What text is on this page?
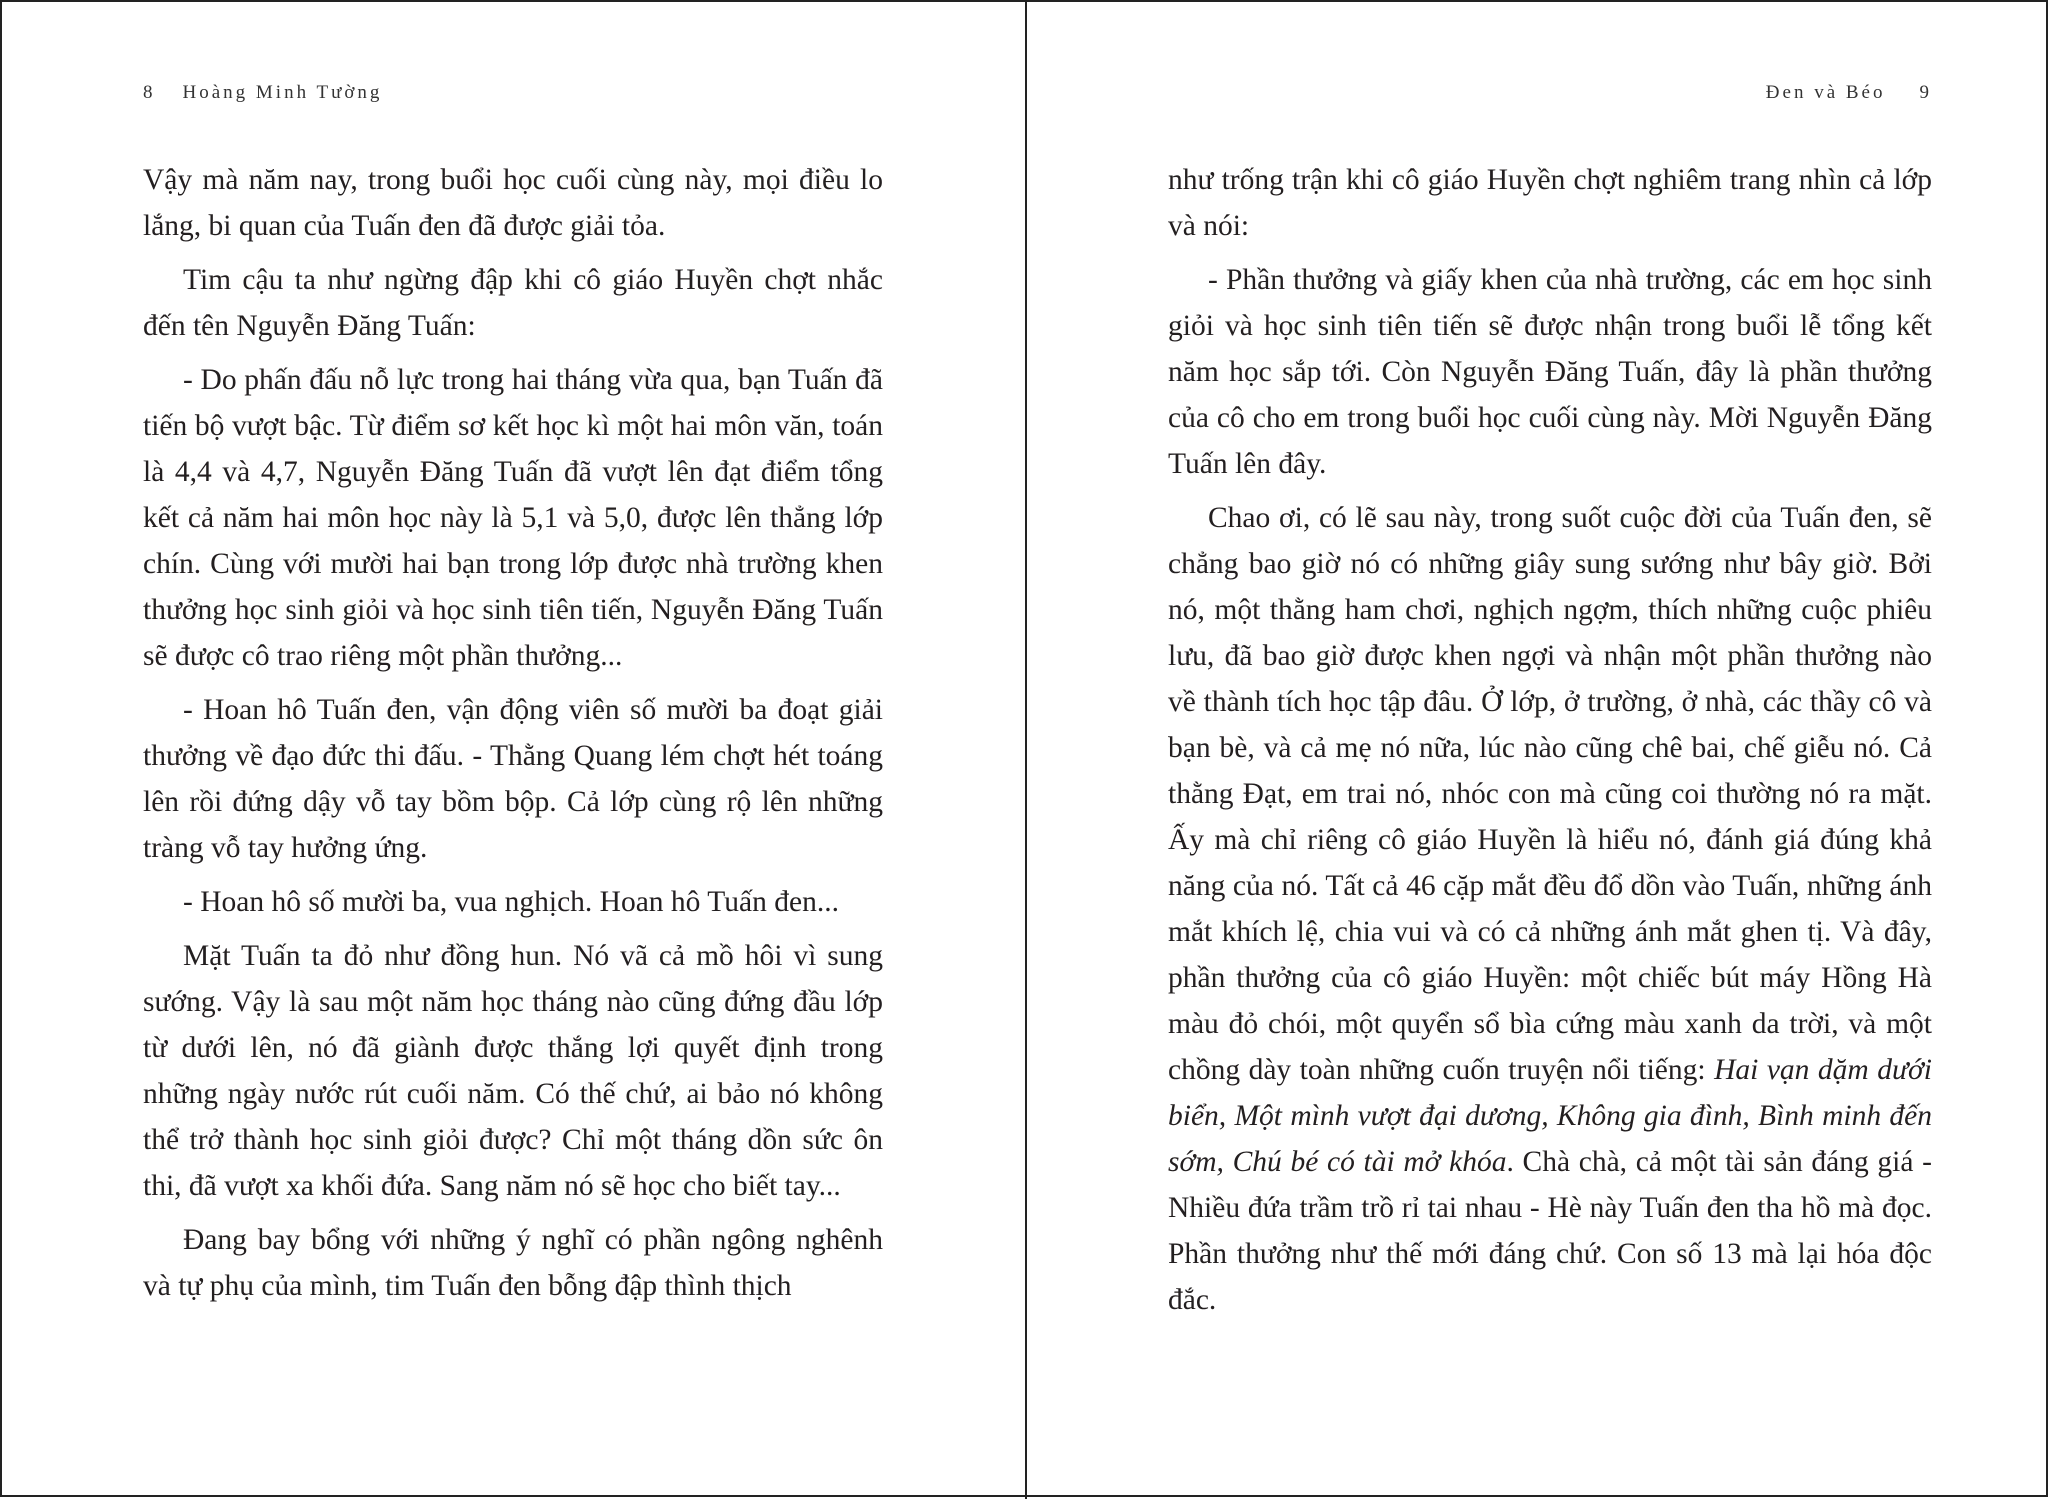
8 Hoàng Minh Tường

Vậy mà năm nay, trong buổi học cuối cùng này, mọi điều lo lắng, bi quan của Tuấn đen đã được giải tỏa.

Tim cậu ta như ngừng đập khi cô giáo Huyền chợt nhắc đến tên Nguyễn Đăng Tuấn:

- Do phấn đấu nỗ lực trong hai tháng vừa qua, bạn Tuấn đã tiến bộ vượt bậc. Từ điểm sơ kết học kì một hai môn văn, toán là 4,4 và 4,7, Nguyễn Đăng Tuấn đã vượt lên đạt điểm tổng kết cả năm hai môn học này là 5,1 và 5,0, được lên thẳng lớp chín. Cùng với mười hai bạn trong lớp được nhà trường khen thưởng học sinh giỏi và học sinh tiên tiến, Nguyễn Đăng Tuấn sẽ được cô trao riêng một phần thưởng...

- Hoan hô Tuấn đen, vận động viên số mười ba đoạt giải thưởng về đạo đức thi đấu. - Thằng Quang lém chợt hét toáng lên rồi đứng dậy vỗ tay bồm bộp. Cả lớp cùng rộ lên những tràng vỗ tay hưởng ứng.

- Hoan hô số mười ba, vua nghịch. Hoan hô Tuấn đen...

Mặt Tuấn ta đỏ như đồng hun. Nó vã cả mồ hôi vì sung sướng. Vậy là sau một năm học tháng nào cũng đứng đầu lớp từ dưới lên, nó đã giành được thắng lợi quyết định trong những ngày nước rút cuối năm. Có thế chứ, ai bảo nó không thể trở thành học sinh giỏi được? Chỉ một tháng dồn sức ôn thi, đã vượt xa khối đứa. Sang năm nó sẽ học cho biết tay...

Đang bay bổng với những ý nghĩ có phần ngông nghênh và tự phụ của mình, tim Tuấn đen bỗng đập thình thịch

Đen và Béo 9

như trống trận khi cô giáo Huyền chợt nghiêm trang nhìn cả lớp và nói:

- Phần thưởng và giấy khen của nhà trường, các em học sinh giỏi và học sinh tiên tiến sẽ được nhận trong buổi lễ tổng kết năm học sắp tới. Còn Nguyễn Đăng Tuấn, đây là phần thưởng của cô cho em trong buổi học cuối cùng này. Mời Nguyễn Đăng Tuấn lên đây.

Chao ơi, có lẽ sau này, trong suốt cuộc đời của Tuấn đen, sẽ chẳng bao giờ nó có những giây sung sướng như bây giờ. Bởi nó, một thằng ham chơi, nghịch ngợm, thích những cuộc phiêu lưu, đã bao giờ được khen ngợi và nhận một phần thưởng nào về thành tích học tập đâu. Ở lớp, ở trường, ở nhà, các thầy cô và bạn bè, và cả mẹ nó nữa, lúc nào cũng chê bai, chế giễu nó. Cả thằng Đạt, em trai nó, nhóc con mà cũng coi thường nó ra mặt. Ấy mà chỉ riêng cô giáo Huyền là hiểu nó, đánh giá đúng khả năng của nó. Tất cả 46 cặp mắt đều đổ dồn vào Tuấn, những ánh mắt khích lệ, chia vui và có cả những ánh mắt ghen tị. Và đây, phần thưởng của cô giáo Huyền: một chiếc bút máy Hồng Hà màu đỏ chói, một quyển sổ bìa cứng màu xanh da trời, và một chồng dày toàn những cuốn truyện nổi tiếng: Hai vạn dặm dưới biển, Một mình vượt đại dương, Không gia đình, Bình minh đến sớm, Chú bé có tài mở khóa. Chà chà, cả một tài sản đáng giá - Nhiều đứa trầm trồ rỉ tai nhau - Hè này Tuấn đen tha hồ mà đọc. Phần thưởng như thế mới đáng chứ. Con số 13 mà lại hóa độc đắc.
